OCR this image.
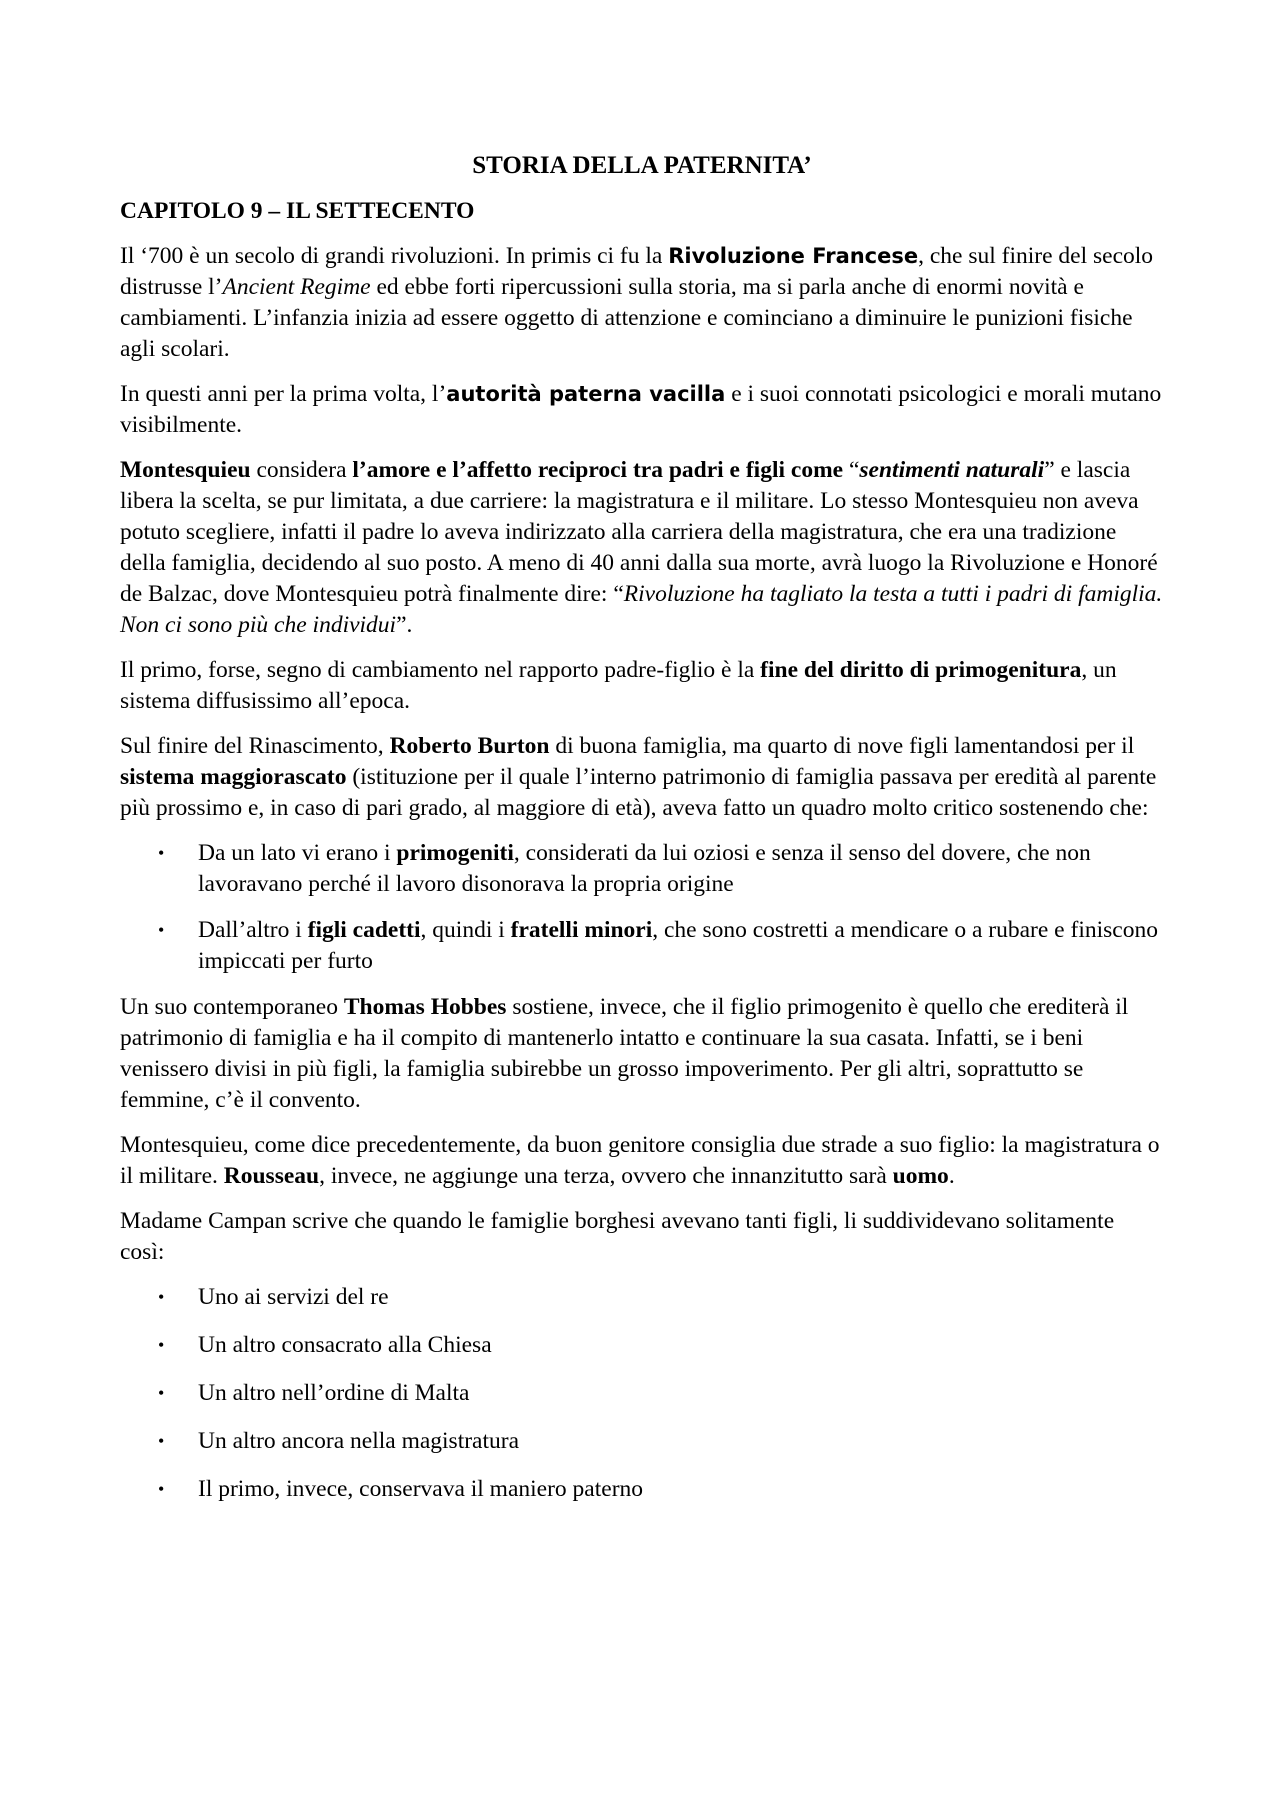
STORIA DELLA PATERNITA’
CAPITOLO 9 – IL SETTECENTO

Il ‘700 è un secolo di grandi rivoluzioni. In primis ci fu la Rivoluzione Francese, che sul finire del secolo distrusse l’Ancient Regime ed ebbe forti ripercussioni sulla storia, ma si parla anche di enormi novità e cambiamenti. L’infanzia inizia ad essere oggetto di attenzione e cominciano a diminuire le punizioni fisiche agli scolari.

In questi anni per la prima volta, l’autorità paterna vacilla e i suoi connotati psicologici e morali mutano visibilmente.

Montesquieu considera l’amore e l’affetto reciproci tra padri e figli come “sentimenti naturali” e lascia libera la scelta, se pur limitata, a due carriere: la magistratura e il militare. Lo stesso Montesquieu non aveva potuto scegliere, infatti il padre lo aveva indirizzato alla carriera della magistratura, che era una tradizione della famiglia, decidendo al suo posto. A meno di 40 anni dalla sua morte, avrà luogo la Rivoluzione e Honoré de Balzac, dove Montesquieu potrà finalmente dire: “Rivoluzione ha tagliato la testa a tutti i padri di famiglia. Non ci sono più che individui”.

Il primo, forse, segno di cambiamento nel rapporto padre-figlio è la fine del diritto di primogenitura, un sistema diffusissimo all’epoca.

Sul finire del Rinascimento, Roberto Burton di buona famiglia, ma quarto di nove figli lamentandosi per il sistema maggiorascato (istituzione per il quale l’interno patrimonio di famiglia passava per eredità al parente più prossimo e, in caso di pari grado, al maggiore di età), aveva fatto un quadro molto critico sostenendo che:

• Da un lato vi erano i primogeniti, considerati da lui oziosi e senza il senso del dovere, che non lavoravano perché il lavoro disonorava la propria origine
• Dall’altro i figli cadetti, quindi i fratelli minori, che sono costretti a mendicare o a rubare e finiscono impiccati per furto

Un suo contemporaneo Thomas Hobbes sostiene, invece, che il figlio primogenito è quello che erediterà il patrimonio di famiglia e ha il compito di mantenerlo intatto e continuare la sua casata. Infatti, se i beni venissero divisi in più figli, la famiglia subirebbe un grosso impoverimento. Per gli altri, soprattutto se femmine, c’è il convento.

Montesquieu, come dice precedentemente, da buon genitore consiglia due strade a suo figlio: la magistratura o il militare. Rousseau, invece, ne aggiunge una terza, ovvero che innanzitutto sarà uomo.

Madame Campan scrive che quando le famiglie borghesi avevano tanti figli, li suddividevano solitamente così:

• Uno ai servizi del re
• Un altro consacrato alla Chiesa
• Un altro nell’ordine di Malta
• Un altro ancora nella magistratura
• Il primo, invece, conservava il maniero paterno
